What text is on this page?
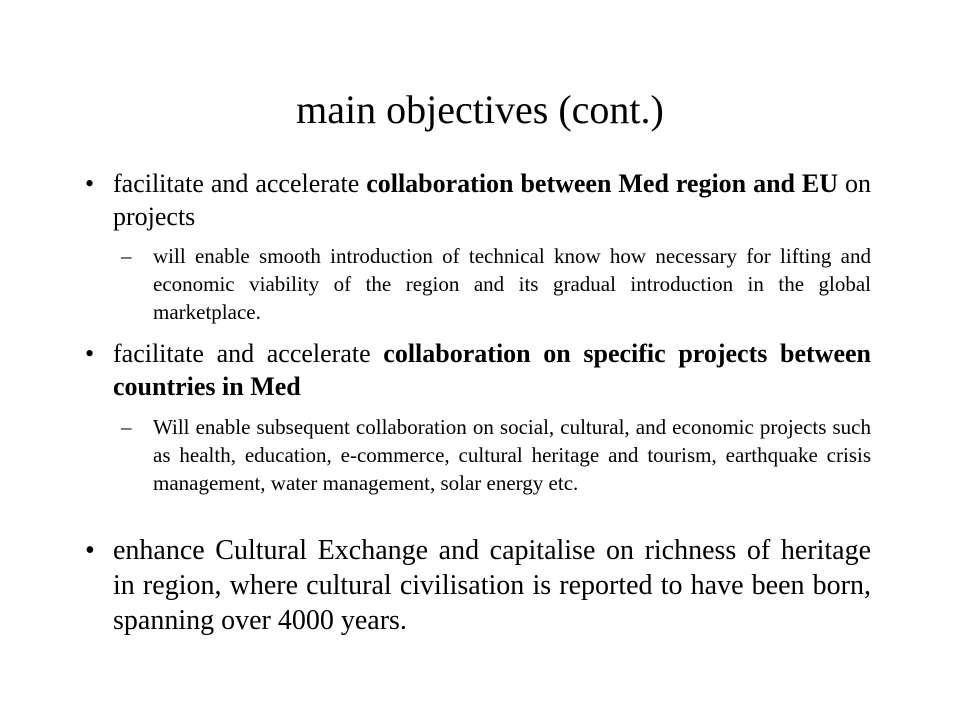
main objectives (cont.)
• facilitate and accelerate collaboration between Med region and EU on projects
– will enable smooth introduction of technical know how necessary for lifting and economic viability of the region and its gradual introduction in the global marketplace.
• facilitate and accelerate collaboration on specific projects between countries in Med
– Will enable subsequent collaboration on social, cultural, and economic projects such as health, education, e-commerce, cultural heritage and tourism, earthquake crisis management, water management, solar energy etc.
• enhance Cultural Exchange and capitalise on richness of heritage in region, where cultural civilisation is reported to have been born, spanning over 4000 years.
